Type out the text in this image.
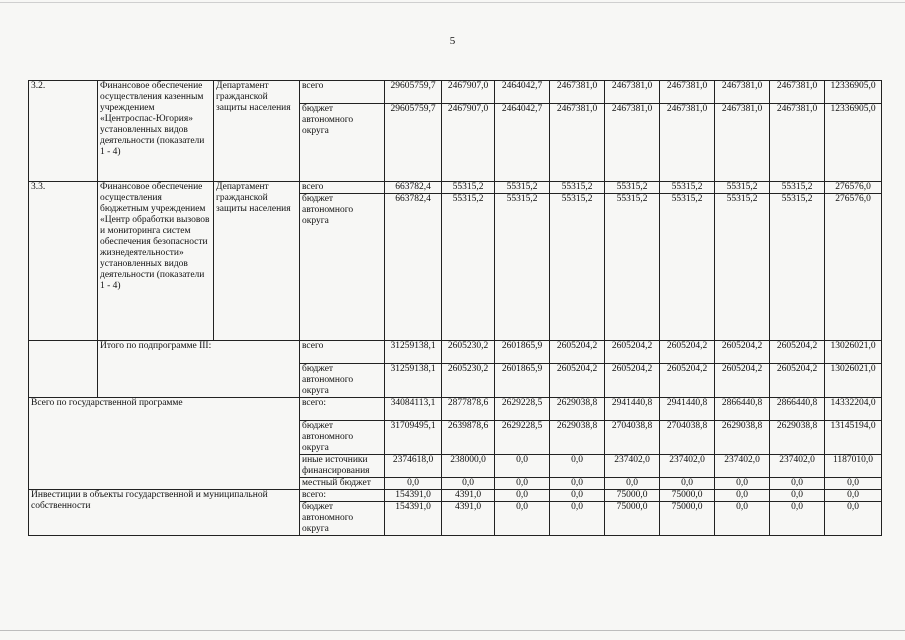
5
3.2.	Финансовое обеспечение осуществления казенным учреждением «Центроспас-Югория» установленных видов деятельности (показатели 1 - 4)	Департамент гражданской защиты населения	всего	29605759,7	2467907,0	2464042,7	2467381,0	2467381,0	2467381,0	2467381,0	2467381,0	12336905,0
			бюджет автономного округа	29605759,7	2467907,0	2464042,7	2467381,0	2467381,0	2467381,0	2467381,0	2467381,0	12336905,0
3.3.	Финансовое обеспечение осуществления бюджетным учреждением «Центр обработки вызовов и мониторинга систем обеспечения безопасности жизнедеятельности» установленных видов деятельности (показатели 1 - 4)	Департамент гражданской защиты населения	всего	663782,4	55315,2	55315,2	55315,2	55315,2	55315,2	55315,2	55315,2	276576,0
			бюджет автономного округа	663782,4	55315,2	55315,2	55315,2	55315,2	55315,2	55315,2	55315,2	276576,0
	Итого по подпрограмме III:		всего	31259138,1	2605230,2	2601865,9	2605204,2	2605204,2	2605204,2	2605204,2	2605204,2	13026021,0
			бюджет автономного округа	31259138,1	2605230,2	2601865,9	2605204,2	2605204,2	2605204,2	2605204,2	2605204,2	13026021,0
Всего по государственной программе			всего:	34084113,1	2877878,6	2629228,5	2629038,8	2941440,8	2941440,8	2866440,8	2866440,8	14332204,0
			бюджет автономного округа	31709495,1	2639878,6	2629228,5	2629038,8	2704038,8	2704038,8	2629038,8	2629038,8	13145194,0
			иные источники финансирования	2374618,0	238000,0	0,0	0,0	237402,0	237402,0	237402,0	237402,0	1187010,0
			местный бюджет	0,0	0,0	0,0	0,0	0,0	0,0	0,0	0,0	0,0
Инвестиции в объекты государственной и муниципальной собственности			всего:	154391,0	4391,0	0,0	0,0	75000,0	75000,0	0,0	0,0	0,0
			бюджет автономного округа	154391,0	4391,0	0,0	0,0	75000,0	75000,0	0,0	0,0	0,0
